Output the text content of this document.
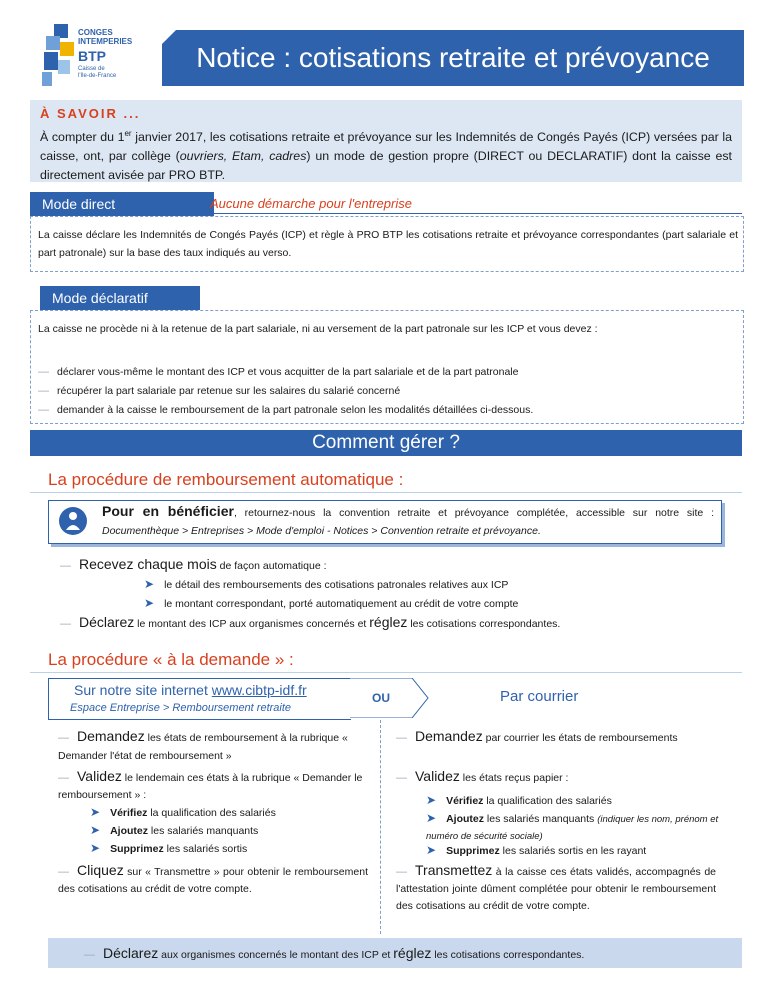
CONGES
INTEMPERIES
BTP
Caisse de
l'Ile-de-France
Notice : cotisations retraite et prévoyance
À SAVOIR ...
À compter du 1er janvier 2017, les cotisations retraite et prévoyance sur les Indemnités de Congés Payés (ICP) versées par la caisse, ont, par collège (ouvriers, Etam, cadres) un mode de gestion propre (DIRECT ou DECLARATIF) dont la caisse est directement avisée par PRO BTP.
Mode direct	Aucune démarche pour l'entreprise
La caisse déclare les Indemnités de Congés Payés (ICP) et règle à PRO BTP les cotisations retraite et prévoyance correspondantes (part salariale et part patronale) sur la base des taux indiqués au verso.
Mode déclaratif
La caisse ne procède ni à la retenue de la part salariale, ni au versement de la part patronale sur les ICP et vous devez :
— déclarer vous-même le montant des ICP et vous acquitter de la part salariale et de la part patronale
— récupérer la part salariale par retenue sur les salaires du salarié concerné
— demander à la caisse le remboursement de la part patronale selon les modalités détaillées ci-dessous.
Comment gérer ?
La procédure de remboursement automatique :
Pour en bénéficier, retournez-nous la convention retraite et prévoyance complétée, accessible sur notre site : Documenthèque > Entreprises > Mode d'emploi - Notices > Convention retraite et prévoyance.
— Recevez chaque mois de façon automatique :
➤ le détail des remboursements des cotisations patronales relatives aux ICP
➤ le montant correspondant, porté automatiquement au crédit de votre compte
— Déclarez le montant des ICP aux organismes concernés et réglez les cotisations correspondantes.
La procédure « à la demande » :
Sur notre site internet www.cibtp-idf.fr
Espace Entreprise > Remboursement retraite
OU	Par courrier
— Demandez les états de remboursement à la rubrique « Demander l'état de remboursement »
— Validez le lendemain ces états à la rubrique « Demander le remboursement » :
➤ Vérifiez la qualification des salariés
➤ Ajoutez les salariés manquants
➤ Supprimez les salariés sortis
— Cliquez sur « Transmettre » pour obtenir le remboursement des cotisations au crédit de votre compte.
— Demandez par courrier les états de remboursements
— Validez les états reçus papier :
➤ Vérifiez la qualification des salariés
➤ Ajoutez les salariés manquants (indiquer les nom, prénom et numéro de sécurité sociale)
➤ Supprimez les salariés sortis en les rayant
— Transmettez à la caisse ces états validés, accompagnés de l'attestation jointe dûment complétée pour obtenir le remboursement des cotisations au crédit de votre compte.
— Déclarez aux organismes concernés le montant des ICP et réglez les cotisations correspondantes.
